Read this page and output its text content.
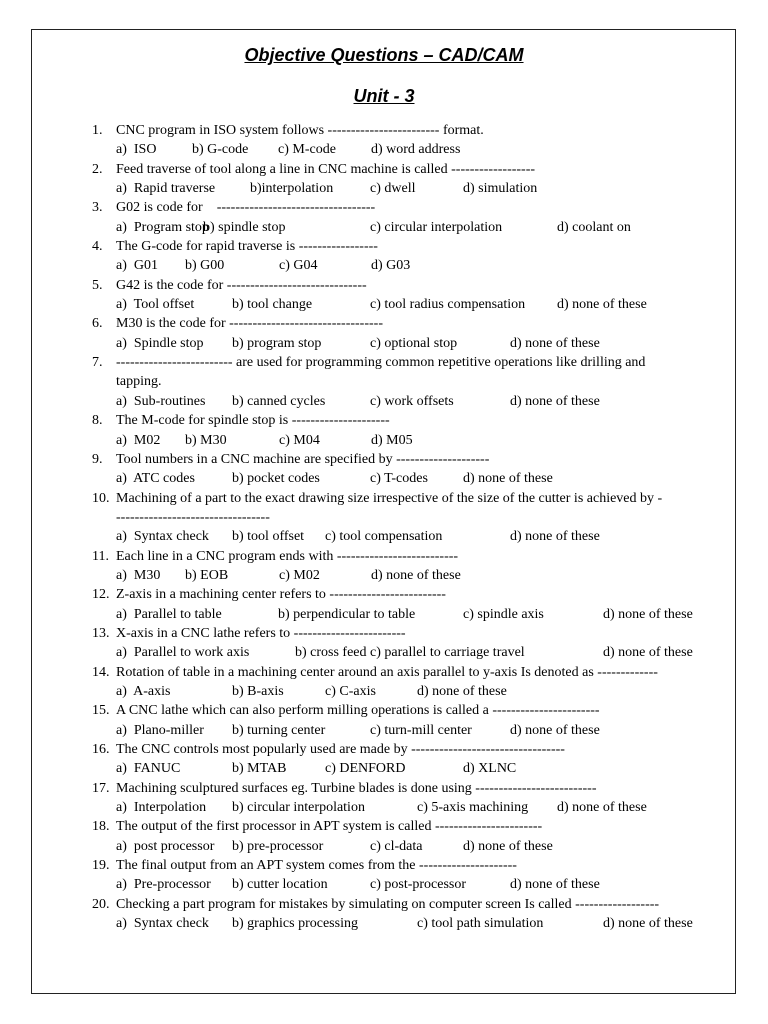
Objective Questions – CAD/CAM
Unit - 3
1. CNC program in ISO system follows ------------------------ format.
a)  ISO	b) G-code c) M-code	d) word address
2. Feed traverse of tool along a line in CNC machine is called ------------------
a)  Rapid traverse b)interpolation	c) dwell	d) simulation
3. G02 is code for    ----------------------------------
a)  Program stop
b) spindle stop	c) circular interpolation	d) coolant on
4. The G-code for rapid traverse is -----------------
a)  G01 b) G00	c) G04	d) G03
5. G42 is the code for ------------------------------
a)  Tool offset	b) tool change	c) tool radius compensation d) none of these
6. M30 is the code for ---------------------------------
a)  Spindle stop b) program stop	c) optional stop	d) none of these
7. ------------------------- are used for programming common repetitive operations like drilling and
tapping.
a)  Sub-routines b) canned cycles	c) work offsets	d) none of these
8. The M-code for spindle stop is ---------------------
a)  M02 b) M30	c) M04	d) M05
9. Tool numbers in a CNC machine are specified by --------------------
a)  ATC codes	b) pocket codes	c) T-codes	d) none of these
10. Machining of a part to the exact drawing size irrespective of the size of the cutter is achieved by -
---------------------------------
a)  Syntax check b) tool offset c) tool compensation	d) none of these
11. Each line in a CNC program ends with --------------------------
a)  M30 b) EOB	c) M02	d) none of these
12. Z-axis in a machining center refers to -------------------------
a)  Parallel to table	b) perpendicular to table	c) spindle axis	d) none of these
13. X-axis in a CNC lathe refers to ------------------------
a)  Parallel to work axis	b) cross feed c) parallel to carriage travel	d) none of these
14. Rotation of table in a machining center around an axis parallel to y-axis Is denoted as -------------
a)  A-axis	b) B-axis	c) C-axis	d) none of these
15. A CNC lathe which can also perform milling operations is called a -----------------------
a)  Plano-miller b) turning center	c) turn-mill center	d) none of these
16. The CNC controls most popularly used are made by ---------------------------------
a)  FANUC	b) MTAB	c) DENFORD	d) XLNC
17. Machining sculptured surfaces eg. Turbine blades is done using --------------------------
a)  Interpolation b) circular interpolation	c) 5-axis machining d) none of these
18. The output of the first processor in APT system is called -----------------------
a)  post processor b) pre-processor	c) cl-data	d) none of these
19. The final output from an APT system comes from the ---------------------
a)  Pre-processor b) cutter location	c) post-processor	d) none of these
20. Checking a part program for mistakes by simulating on computer screen Is called ------------------
a)  Syntax check b) graphics processing	c) tool path simulation	d) none of these
